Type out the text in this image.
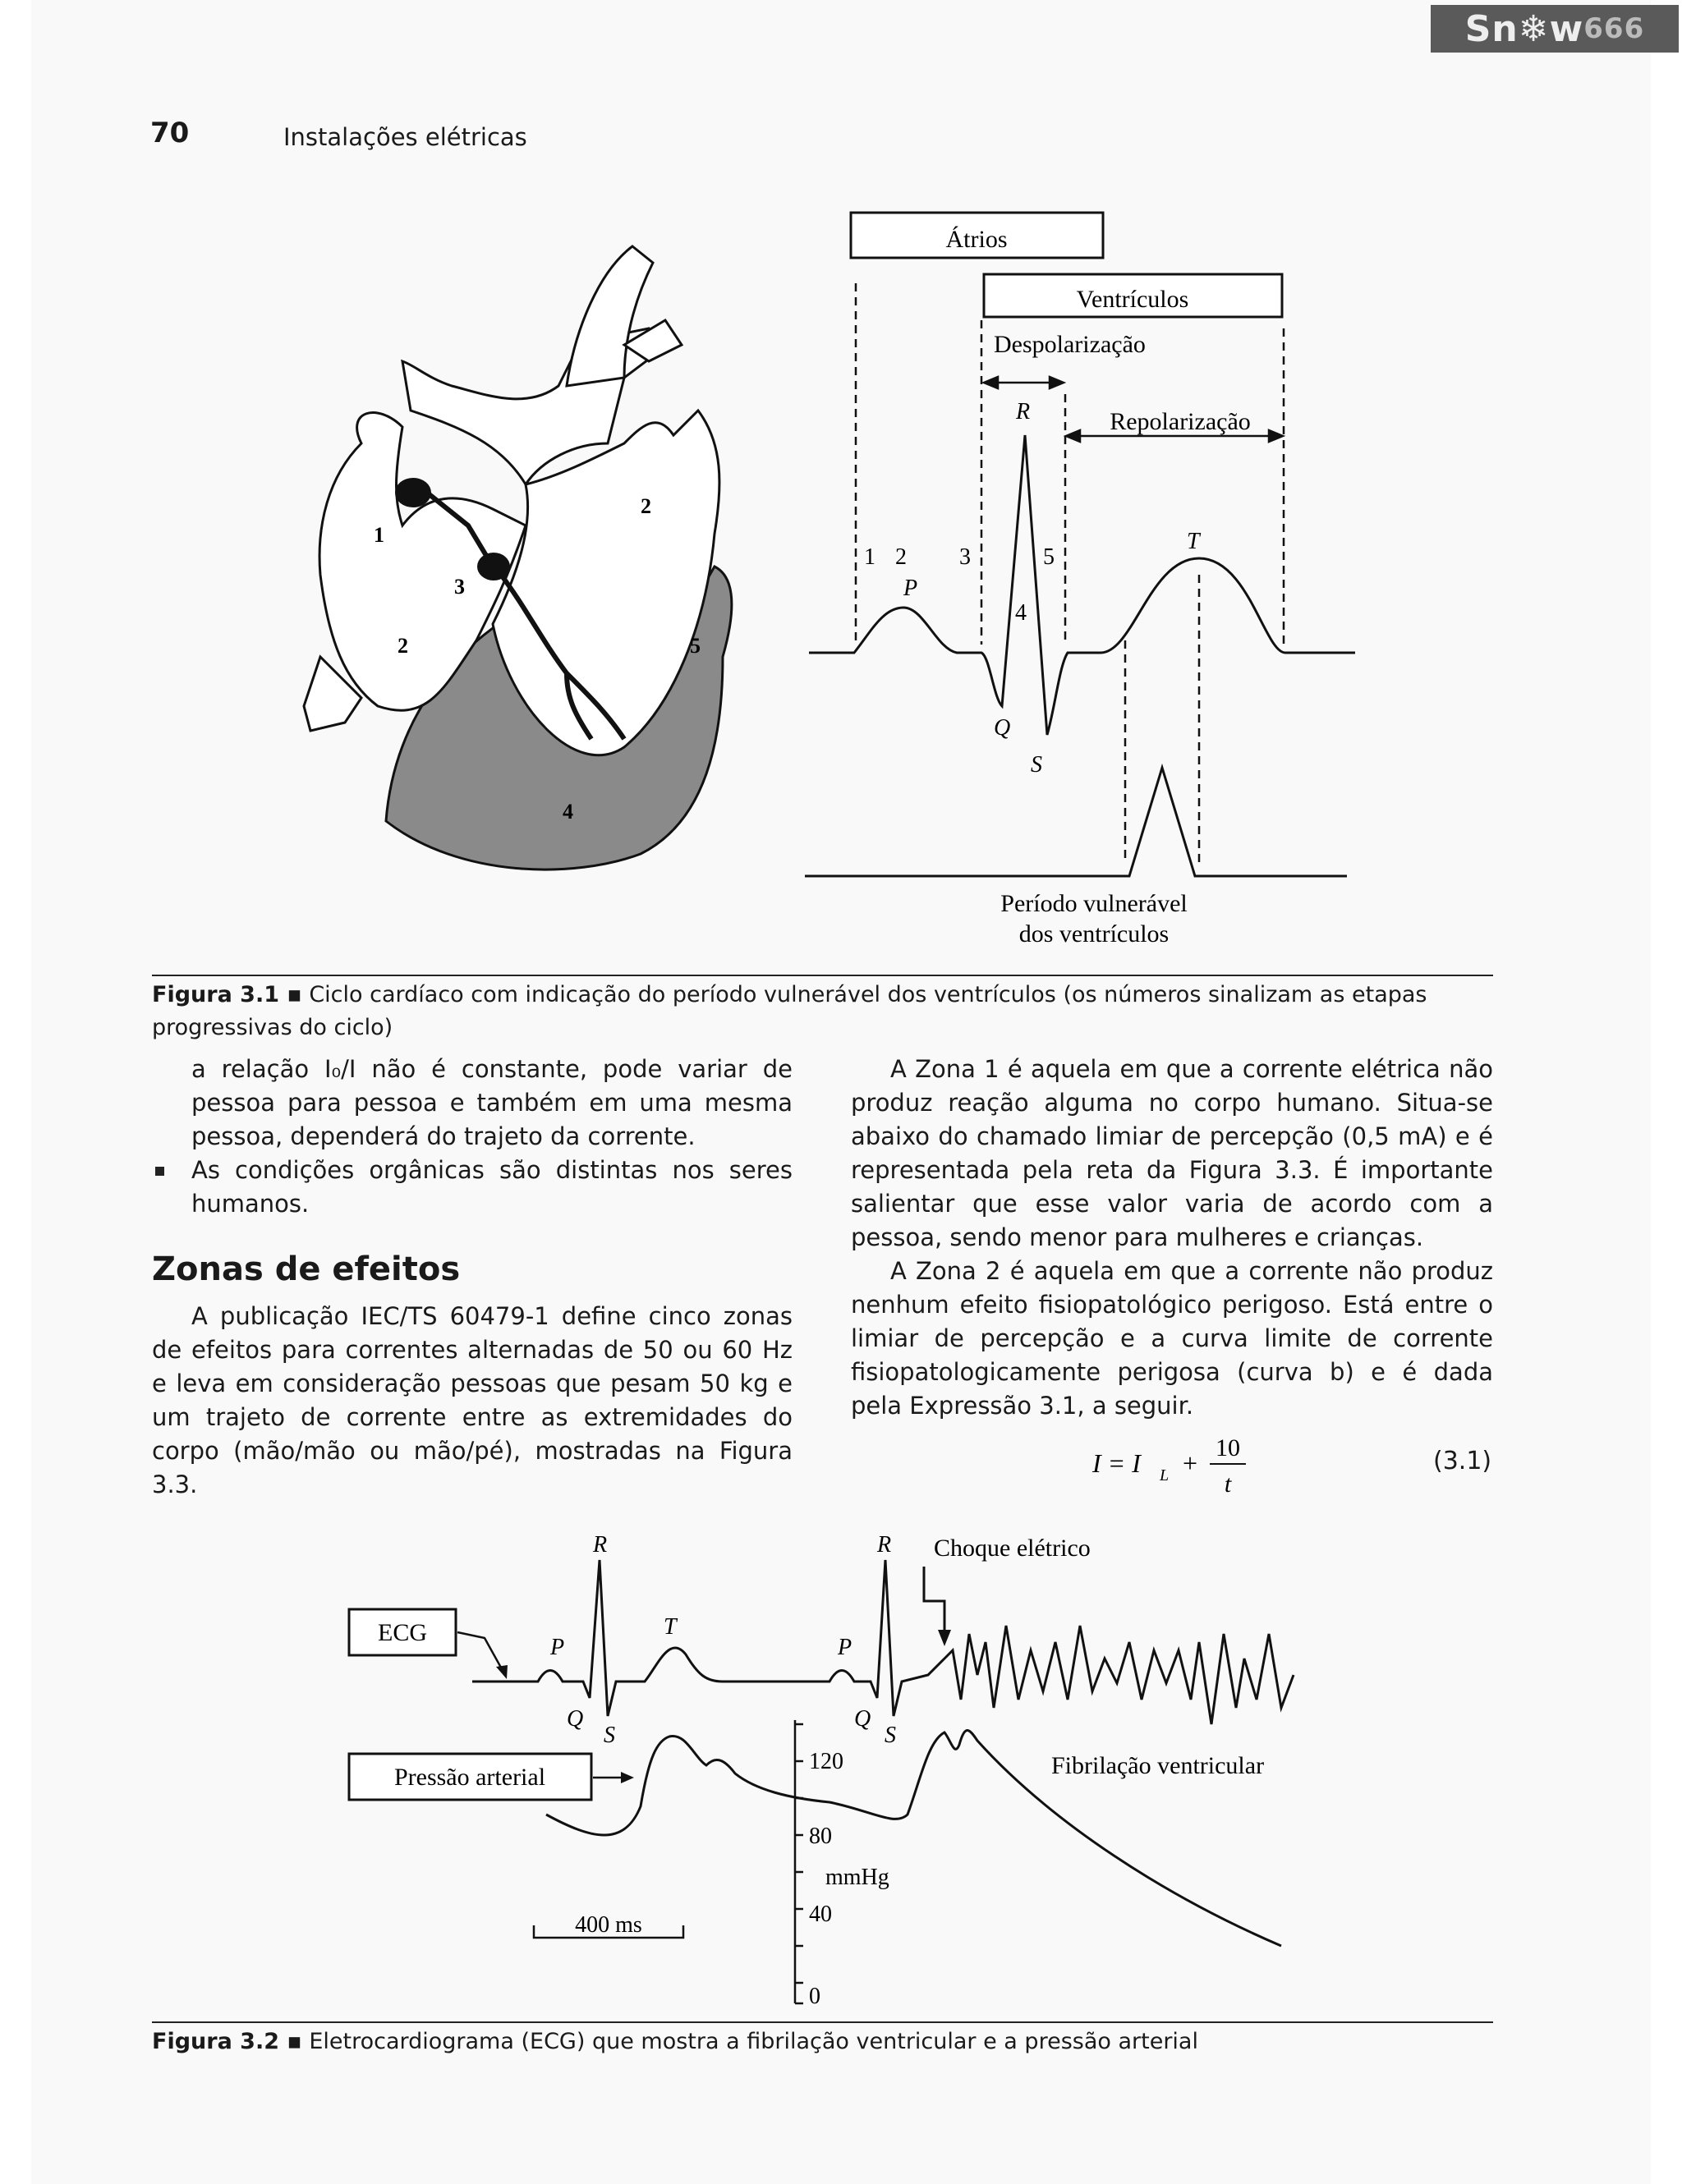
Sn❄w 666
70	Instalações elétricas
1
2
3
2	5
4
Átrios
Ventrículos
Despolarização
Repolarização
P
R
Q
S
T
1 2 3
4
5
Período vulnerável
dos ventrículos
Figura 3.1 ▪ Ciclo cardíaco com indicação do período vulnerável dos ventrículos (os números sinalizam as etapas progressivas do ciclo)

a relação I₀/I não é constante, pode variar de pessoa para pessoa e também em uma mesma pessoa, dependerá do trajeto da corrente.

As condições orgânicas são distintas nos seres humanos.

Zonas de efeitos

A publicação IEC/TS 60479-1 define cinco zonas de efeitos para correntes alternadas de 50 ou 60 Hz e leva em consideração pessoas que pesam 50 kg e um trajeto de corrente entre as extremidades do corpo (mão/mão ou mão/pé), mostradas na Figura 3.3.

A Zona 1 é aquela em que a corrente elétrica não produz reação alguma no corpo humano. Situa-se abaixo do chamado limiar de percepção (0,5 mA) e é representada pela reta da Figura 3.3. É importante salientar que esse valor varia de acordo com a pessoa, sendo menor para mulheres e crianças.

A Zona 2 é aquela em que a corrente não produz nenhum efeito fisiopatológico perigoso. Está entre o limiar de percepção e a curva limite de corrente fisiopatologicamente perigosa (curva b) e é dada pela Expressão 3.1, a seguir.

I = I L +
10
t
(3.1)
ECG
Pressão arterial
P
R
Q
S
T
P
R
Q
S
Choque elétrico
Fibrilação ventricular
120
80
mmHg
40
0
400 ms
Figura 3.2 ▪ Eletrocardiograma (ECG) que mostra a fibrilação ventricular e a pressão arterial
